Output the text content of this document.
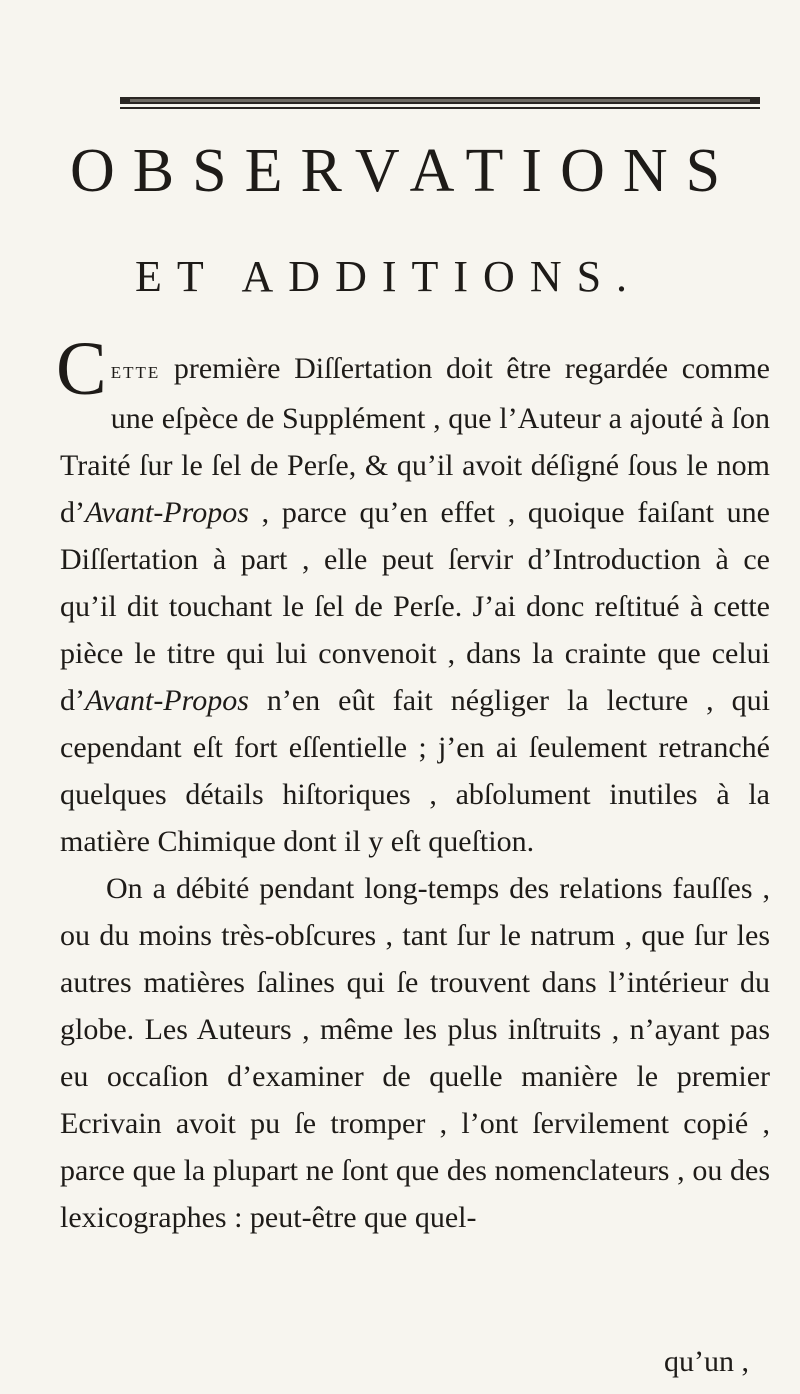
OBSERVATIONS
ET ADDITIONS.

Cette première Diſſertation doit être regardée comme une eſpèce de Supplément , que l’Auteur a ajouté à ſon Traité ſur le ſel de Perſe, & qu’il avoit déſigné ſous le nom d’Avant-Propos , parce qu’en effet , quoique faiſant une Diſſertation à part , elle peut ſervir d’Introduction à ce qu’il dit touchant le ſel de Perſe. J’ai donc reſtitué à cette pièce le titre qui lui convenoit , dans la crainte que celui d’Avant-Propos n’en eût fait négliger la lecture , qui cependant eſt fort eſſentielle ; j’en ai ſeulement retranché quelques détails hiſtoriques , abſolument inutiles à la matière Chimique dont il y eſt queſtion.

On a débité pendant long-temps des relations fauſſes , ou du moins très-obſcures , tant ſur le natrum , que ſur les autres matières ſalines qui ſe trouvent dans l’intérieur du globe. Les Auteurs , même les plus inſtruits , n’ayant pas eu occaſion d’examiner de quelle manière le premier Ecrivain avoit pu ſe tromper , l’ont ſervilement copié , parce que la plupart ne ſont que des nomenclateurs , ou des lexicographes : peut-être que quel-

qu’un ,
